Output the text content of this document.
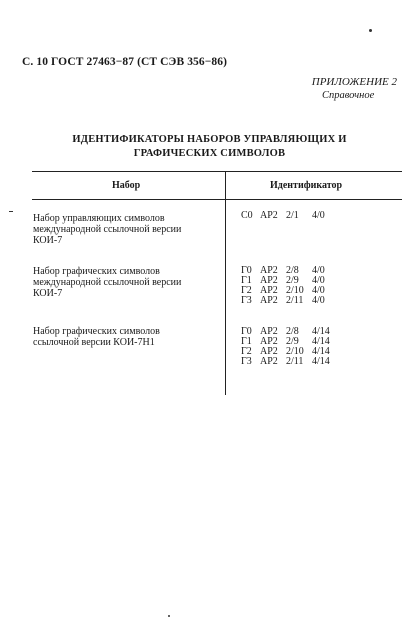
С. 10 ГОСТ 27463−87 (СТ СЭВ 356−86)
ПРИЛОЖЕНИЕ 2
Справочное
ИДЕНТИФИКАТОРЫ НАБОРОВ УПРАВЛЯЮЩИХ И
ГРАФИЧЕСКИХ СИМВОЛОВ
Набор	Идентификатор
Набор управляющих символов
международной ссылочной версии
КОИ-7
Набор графических символов
международной ссылочной версии
КОИ-7
Набор графических символов
ссылочной версии КОИ-7Н1
С0 AP2 2/1 4/0
Г0 AP2 2/8 4/0
Г1 AP2 2/9 4/0
Г2 AP2 2/10 4/0
Г3 AP2 2/11 4/0
Г0 AP2 2/8 4/14
Г1 AP2 2/9 4/14
Г2 AP2 2/10 4/14
Г3 AP2 2/11 4/14
